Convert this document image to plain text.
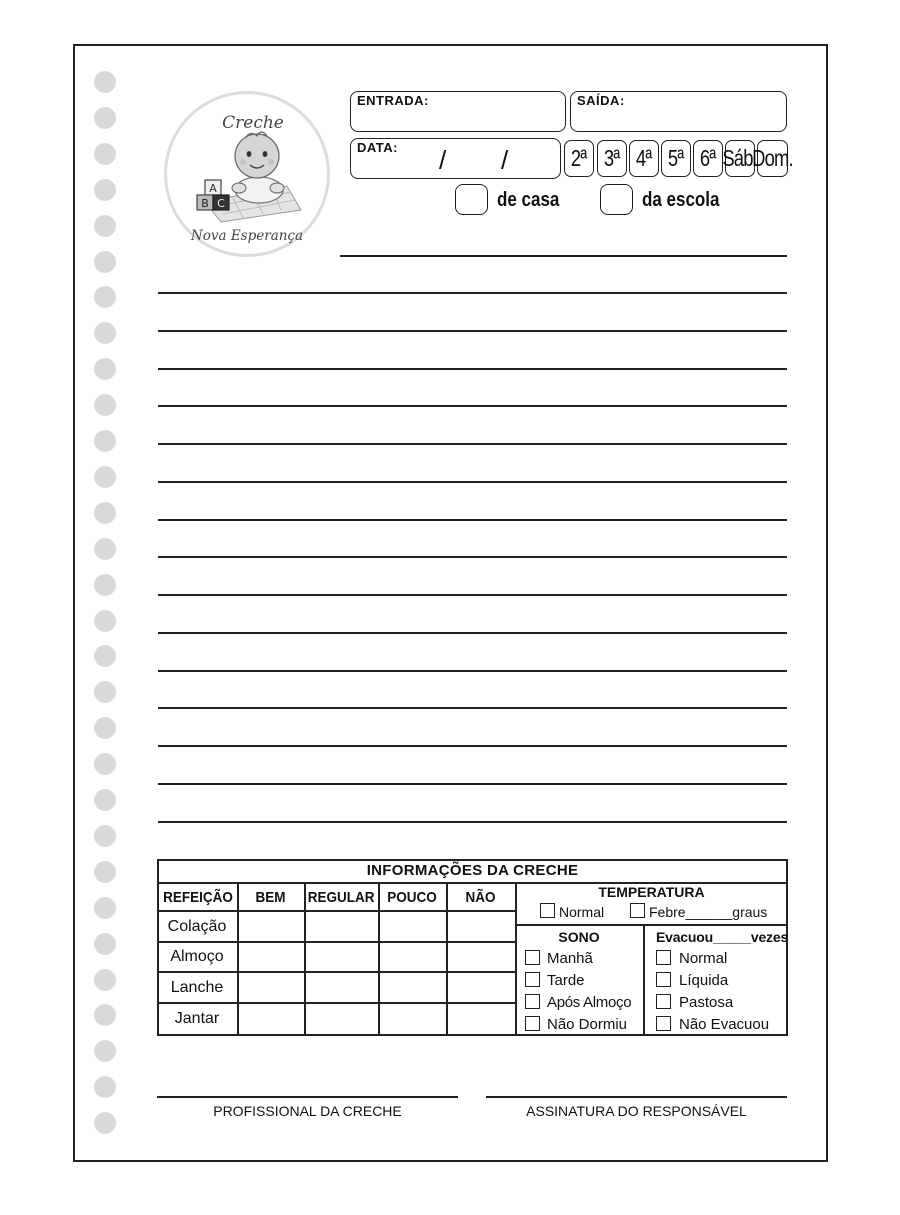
Creche
A
B C
Nova Esperança
ENTRADA:	SAÍDA:
DATA: / /	2ª 3ª 4ª 5ª 6ª Sáb.
Dom.
de casa	da escola
INFORMAÇÕES DA CRECHE
REFEIÇÃO	BEM	REGULAR POUCO	NÃO
Colação
Almoço
Lanche
Jantar
TEMPERATURA
Normal	Febre______graus
SONO
Manhã
Tarde
Após Almoço
Não Dormiu
Evacuou_____vezes
Normal
Líquida
Pastosa
Não Evacuou
PROFISSIONAL DA CRECHE	ASSINATURA DO RESPONSÁVEL
